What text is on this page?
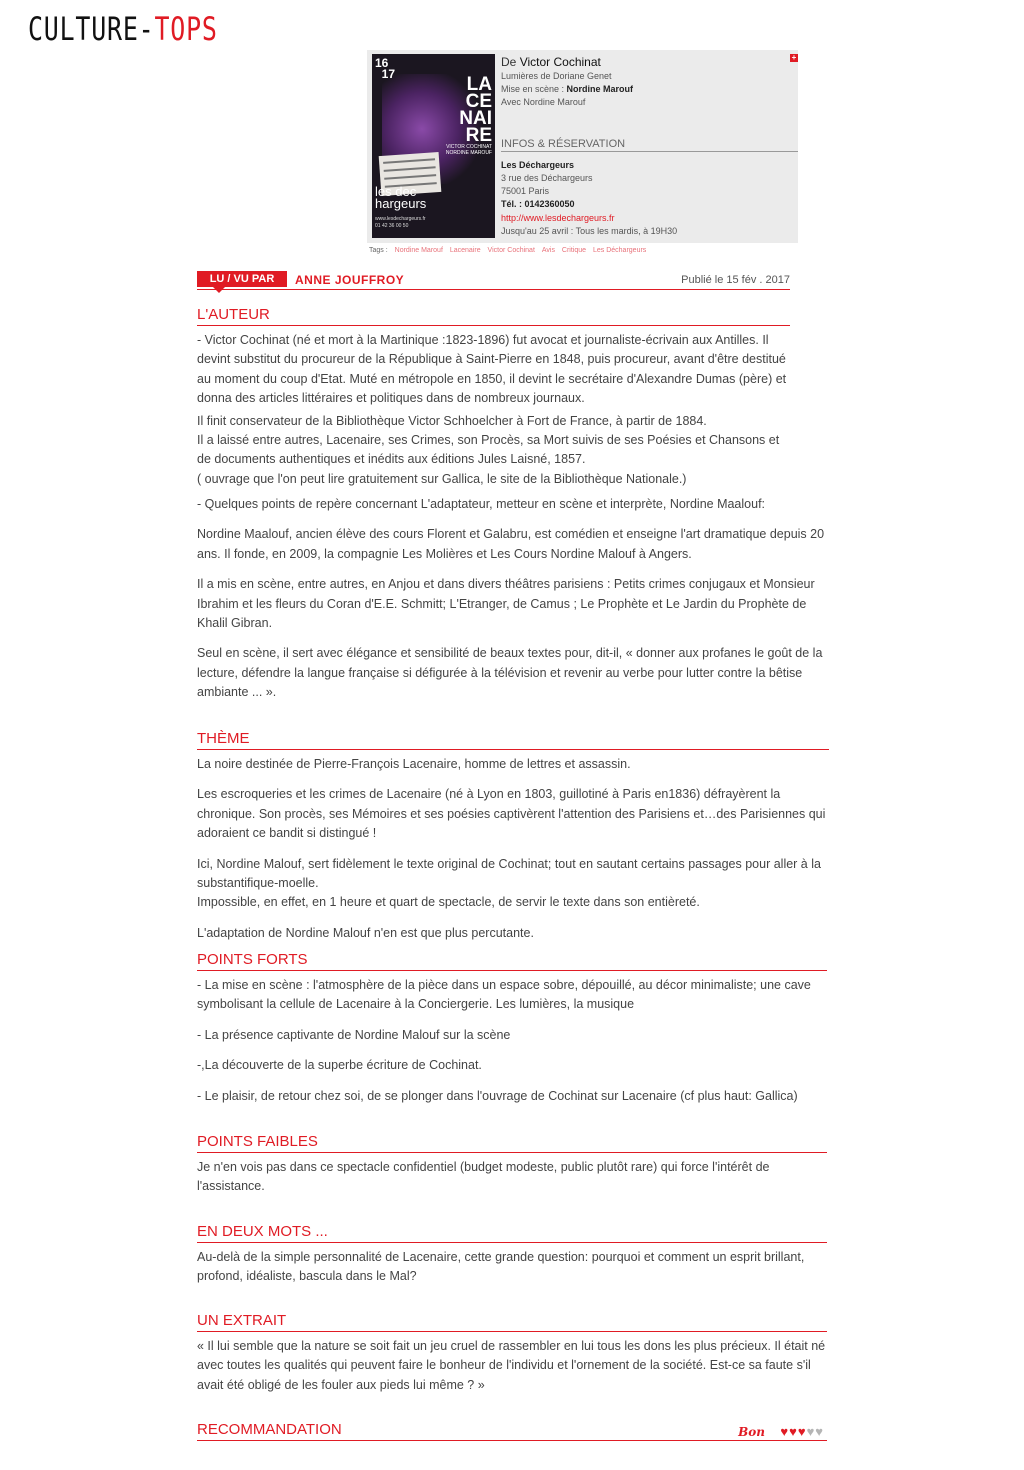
CULTURE-TOPS
16
17	LA
CE
NAI
RE
VICTOR COCHINAT
NORDINE MAROUF
les dec
hargeurs
www.lesdechargeurs.fr
01 42 36 00 50
+
De Victor Cochinat
Lumières de Doriane Genet
Mise en scène : Nordine Marouf
Avec Nordine Marouf
INFOS & RÉSERVATION
Les Déchargeurs
3 rue des Déchargeurs
75001 Paris
Tél. : 0142360050
http://www.lesdechargeurs.fr
Jusqu'au 25 avril : Tous les mardis, à 19H30
Tags : Nordine Marouf Lacenaire Victor Cochinat Avis Critique Les Déchargeurs
LU / VU PAR	ANNE JOUFFROY	Publié le 15 fév . 2017
L'AUTEUR

- Victor Cochinat (né et mort à la Martinique :1823-1896) fut avocat et journaliste-écrivain aux Antilles. Il devint substitut du procureur de la République à Saint-Pierre en 1848, puis procureur, avant d'être destitué au moment du coup d'Etat. Muté en métropole en 1850, il devint le secrétaire d'Alexandre Dumas (père) et donna des articles littéraires et politiques dans de nombreux journaux.

Il finit conservateur de la Bibliothèque Victor Schhoelcher à Fort de France, à partir de 1884.

Il a laissé entre autres, Lacenaire, ses Crimes, son Procès, sa Mort suivis de ses Poésies et Chansons et de documents authentiques et inédits aux éditions Jules Laisné, 1857.

( ouvrage que l'on peut lire gratuitement sur Gallica, le site de la Bibliothèque Nationale.)

- Quelques points de repère concernant L'adaptateur, metteur en scène et interprète, Nordine Maalouf:

Nordine Maalouf, ancien élève des cours Florent et Galabru, est comédien et enseigne l'art dramatique depuis 20 ans. Il fonde, en 2009, la compagnie Les Molières et Les Cours Nordine Malouf à Angers.

Il a mis en scène, entre autres, en Anjou et dans divers théâtres parisiens : Petits crimes conjugaux et Monsieur Ibrahim et les fleurs du Coran d'E.E. Schmitt; L'Etranger, de Camus ; Le Prophète et Le Jardin du Prophète de Khalil Gibran.

Seul en scène, il sert avec élégance et sensibilité de beaux textes pour, dit-il, « donner aux profanes le goût de la lecture, défendre la langue française si défigurée à la télévision et revenir au verbe pour lutter contre la bêtise ambiante ... ».

THÈME

La noire destinée de Pierre-François Lacenaire, homme de lettres et assassin.

Les escroqueries et les crimes de Lacenaire (né à Lyon en 1803, guillotiné à Paris en1836) défrayèrent la chronique. Son procès, ses Mémoires et ses poésies captivèrent l'attention des Parisiens et…des Parisiennes qui adoraient ce bandit si distingué !

Ici, Nordine Malouf, sert fidèlement le texte original de Cochinat; tout en sautant certains passages pour aller à la substantifique-moelle.

Impossible, en effet, en 1 heure et quart de spectacle, de servir le texte dans son entièreté.

L'adaptation de Nordine Malouf n'en est que plus percutante.

POINTS FORTS

- La mise en scène : l'atmosphère de la pièce dans un espace sobre, dépouillé, au décor minimaliste; une cave symbolisant la cellule de Lacenaire à la Conciergerie. Les lumières, la musique

- La présence captivante de Nordine Malouf sur la scène

-,La découverte de la superbe écriture de Cochinat.

- Le plaisir, de retour chez soi, de se plonger dans l'ouvrage de Cochinat sur Lacenaire (cf plus haut: Gallica)

POINTS FAIBLES

Je n'en vois pas dans ce spectacle confidentiel (budget modeste, public plutôt rare) qui force l'intérêt de l'assistance.

EN DEUX MOTS ...

Au-delà de la simple personnalité de Lacenaire, cette grande question: pourquoi et comment un esprit brillant, profond, idéaliste, bascula dans le Mal?

UN EXTRAIT

« Il lui semble que la nature se soit fait un jeu cruel de rassembler en lui tous les dons les plus précieux. Il était né avec toutes les qualités qui peuvent faire le bonheur de l'individu et l'ornement de la société. Est-ce sa faute s'il avait été obligé de les fouler aux pieds lui même ? »

RECOMMANDATION	Bon ♥♥♥♥♥
